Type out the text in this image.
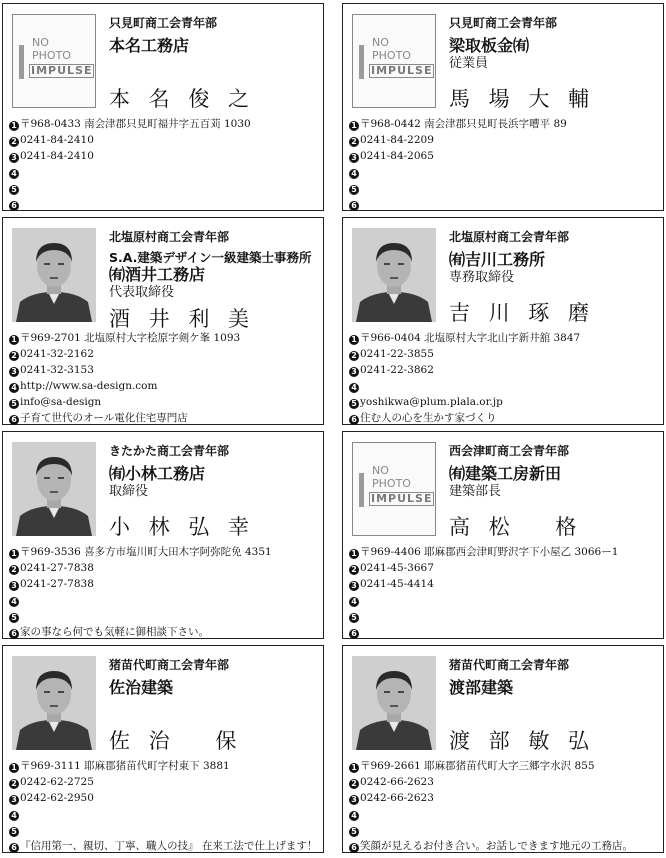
NO
PHOTO
IMPULSE
只見町商工会青年部
本名工務店
本 名 俊 之
1 〒968-0433 南会津郡只見町福井字五百苅 1030
2 0241-84-2410
3 0241-84-2410
4
5
6
NO
PHOTO
IMPULSE
只見町商工会青年部
梁取板金㈲
従業員
馬 場 大 輔
1 〒968-0442 南会津郡只見町長浜字嘈平 89
2 0241-84-2209
3 0241-84-2065
4
5
6
北塩原村商工会青年部
S.A.建築デザイン一級建築士事務所
㈲酒井工務店
代表取締役
酒 井 利 美
1 〒969-2701 北塩原村大字桧原字剣ケ峯 1093
2 0241-32-2162
3 0241-32-3153
4 http://www.sa-design.com
5 info@sa-design
6 子育て世代のオール電化住宅専門店
北塩原村商工会青年部
㈲吉川工務所
専務取締役
吉 川 琢 磨
1 〒966-0404 北塩原村大字北山字新井舘 3847
2 0241-22-3855
3 0241-22-3862
4
5 yoshikwa@plum.plala.or.jp
6 住む人の心を生かす家づくり
きたかた商工会青年部
㈲小林工務店
取締役
小 林 弘 幸
1 〒969-3536 喜多方市塩川町大田木字阿弥陀免 4351
2 0241-27-7838
3 0241-27-7838
4
5
6 家の事なら何でも気軽に御相談下さい。
NO
PHOTO
IMPULSE
西会津町商工会青年部
㈲建築工房新田
建築部長
高 松　 格
1 〒969-4406 耶麻郡西会津町野沢字下小屋乙 3066ー1
2 0241-45-3667
3 0241-45-4414
4
5
6
猪苗代町商工会青年部
佐治建築
佐 治　 保
1 〒969-3111 耶麻郡猪苗代町字村東下 3881
2 0242-62-2725
3 0242-62-2950
4
5
6 『信用第一、親切、丁寧、職人の技』 在来工法で仕上げます！
猪苗代町商工会青年部
渡部建築
渡 部 敏 弘
1 〒969-2661 耶麻郡猪苗代町大字三郷字水沢 855
2 0242-66-2623
3 0242-66-2623
4
5
6 笑顔が見えるお付き合い。お話しできます地元の工務店。
